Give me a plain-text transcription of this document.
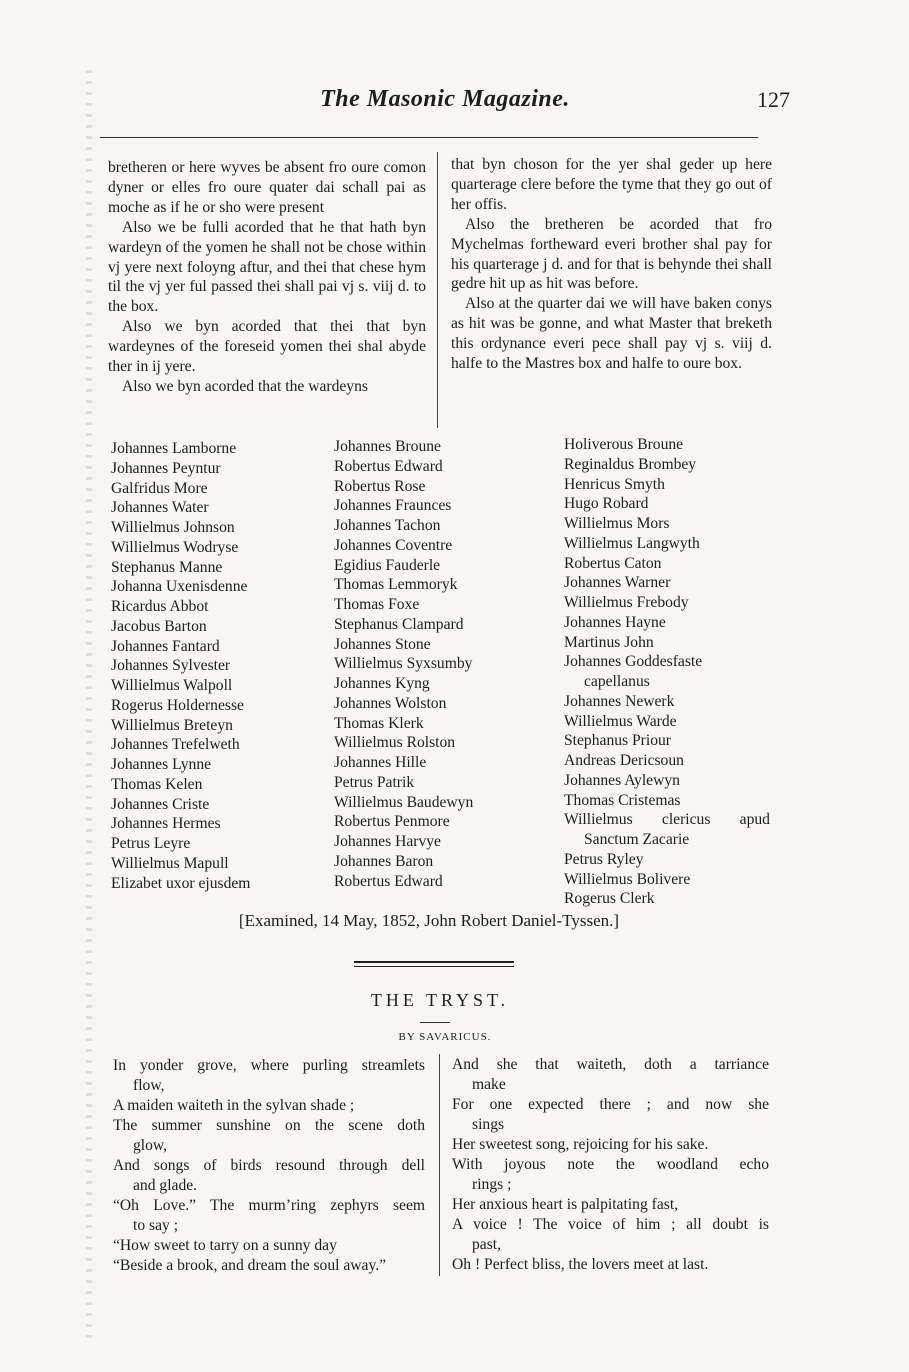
The Masonic Magazine.	127

bretheren or here wyves be absent fro oure comon dyner or elles fro oure quater dai schall pai as moche as if he or sho were present

Also we be fulli acorded that he that hath byn wardeyn of the yomen he shall not be chose within vj yere next foloyng aftur, and thei that chese hym til the vj yer ful passed thei shall pai vj s. viij d. to the box.

Also we byn acorded that thei that byn wardeynes of the foreseid yomen thei shal abyde ther in ij yere.

Also we byn acorded that the wardeyns

that byn choson for the yer shal geder up here quarterage clere before the tyme that they go out of her offis.

Also the bretheren be acorded that fro Mychelmas fortheward everi brother shal pay for his quarterage j d. and for that is behynde thei shall gedre hit up as hit was before.

Also at the quarter dai we will have baken conys as hit was be gonne, and what Master that breketh this ordynance everi pece shall pay vj s. viij d. halfe to the Mastres box and halfe to oure box.

Johannes Lamborne
Johannes Peyntur
Galfridus More
Johannes Water
Willielmus Johnson
Willielmus Wodryse
Stephanus Manne
Johanna Uxenisdenne
Ricardus Abbot
Jacobus Barton
Johannes Fantard
Johannes Sylvester
Willielmus Walpoll
Rogerus Holdernesse
Willielmus Breteyn
Johannes Trefelweth
Johannes Lynne
Thomas Kelen
Johannes Criste
Johannes Hermes
Petrus Leyre
Willielmus Mapull
Elizabet uxor ejusdem
Johannes Broune
Robertus Edward
Robertus Rose
Johannes Fraunces
Johannes Tachon
Johannes Coventre
Egidius Fauderle
Thomas Lemmoryk
Thomas Foxe
Stephanus Clampard
Johannes Stone
Willielmus Syxsumby
Johannes Kyng
Johannes Wolston
Thomas Klerk
Willielmus Rolston
Johannes Hille
Petrus Patrik
Willielmus Baudewyn
Robertus Penmore
Johannes Harvye
Johannes Baron
Robertus Edward
Holiverous Broune
Reginaldus Brombey
Henricus Smyth
Hugo Robard
Willielmus Mors
Willielmus Langwyth
Robertus Caton
Johannes Warner
Willielmus Frebody
Johannes Hayne
Martinus John
Johannes Goddesfaste
capellanus
Johannes Newerk
Willielmus Warde
Stephanus Priour
Andreas Dericsoun
Johannes Aylewyn
Thomas Cristemas
Willielmus clericus apud
Sanctum Zacarie
Petrus Ryley
Willielmus Bolivere
Rogerus Clerk
[Examined, 14 May, 1852, John Robert Daniel-Tyssen.]
THE TRYST.
BY SAVARICUS.
In yonder grove, where purling streamlets
flow,
A maiden waiteth in the sylvan shade ;
The summer sunshine on the scene doth
glow,
And songs of birds resound through dell
and glade.
“Oh Love.” The murm’ring zephyrs seem
to say ;
“How sweet to tarry on a sunny day
“Beside a brook, and dream the soul away.”
And she that waiteth, doth a tarriance
make
For one expected there ; and now she
sings
Her sweetest song, rejoicing for his sake.
With joyous note the woodland echo
rings ;
Her anxious heart is palpitating fast,
A voice ! The voice of him ; all doubt is
past,
Oh ! Perfect bliss, the lovers meet at last.
